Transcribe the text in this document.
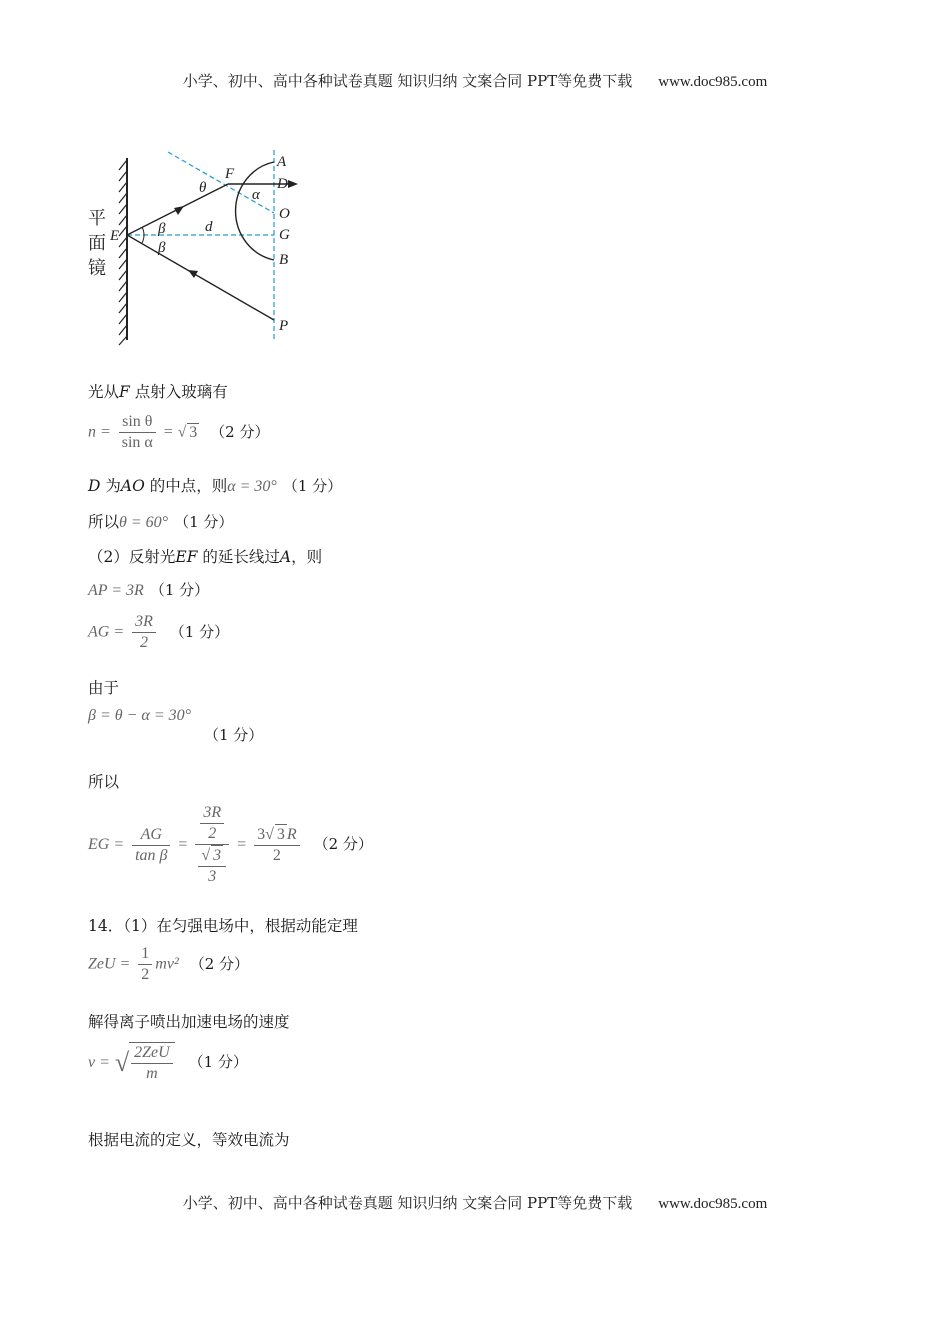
小学、初中、高中各种试卷真题 知识归纳 文案合同 PPT等免费下载 www.doc985.com
A
D
O
G
B
P
E
F
θ	α
β
β
d
平
面
镜
光从F 点射入玻璃有
$n = \frac{\text{sin θ}}{\text{sin α}}$ = √ 3 （2 分）
D 为AO 的中点，则α = 30° （1 分）
所以θ = 60° （1 分）
（2）反射光EF 的延长线过A，则
AP = 3R （1 分）
AG = $\frac{3R}{2} (1$ 分）
由于
β = θ − α = 30°
（1 分）
所以
EG = $\frac{AG}{\text{tan β}} = \frac{\frac{3R}{2}}{\frac{√ 3}{3}} = \frac{3√ 3 R}{2} (2$ 分）
14．（1）在匀强电场中，根据动能定理
ZeU = $\frac{1}{2} mv^2$ （2 分）
解得离子喷出加速电场的速度
v = √ $\frac{\text{2ZeU}}{m} (1$ 分）
根据电流的定义，等效电流为
小学、初中、高中各种试卷真题 知识归纳 文案合同 PPT等免费下载 www.doc985.com
